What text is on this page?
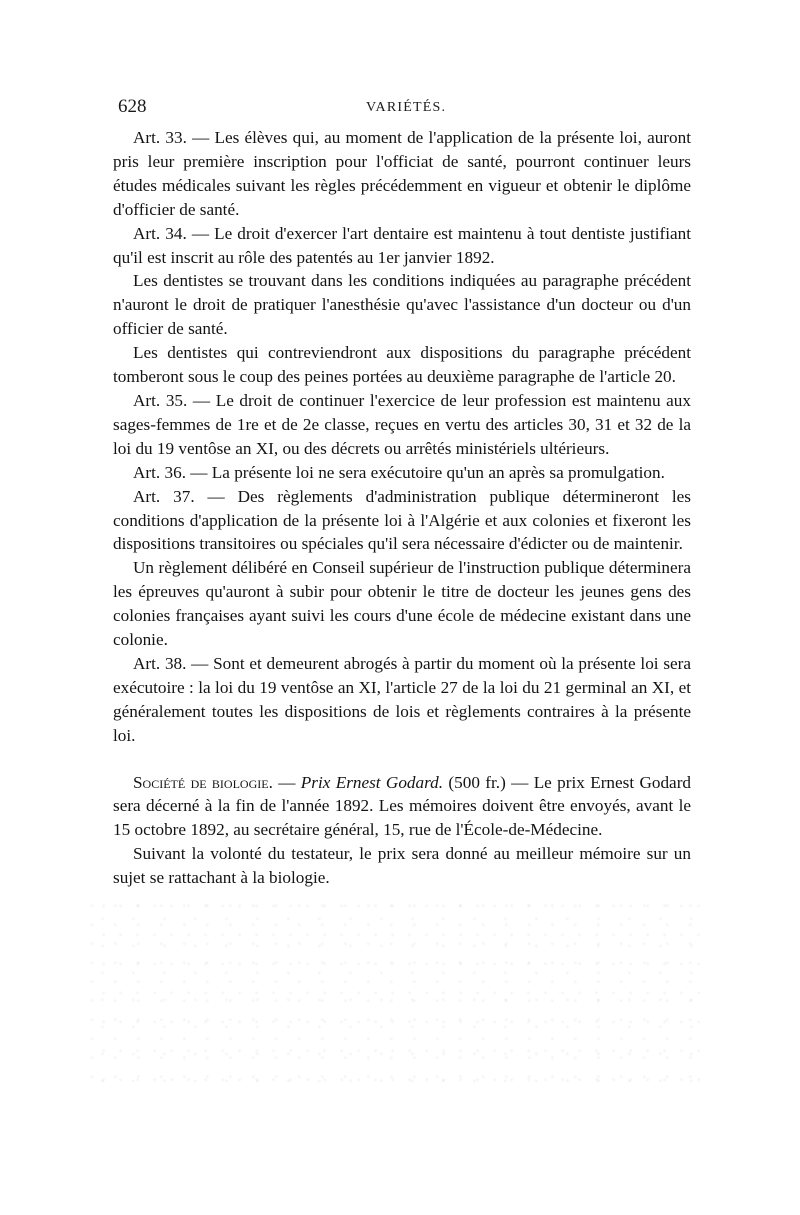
628	VARIÉTÉS.

Art. 33. — Les élèves qui, au moment de l'application de la présente loi, auront pris leur première inscription pour l'officiat de santé, pourront continuer leurs études médicales suivant les règles précédemment en vigueur et obtenir le diplôme d'officier de santé.

Art. 34. — Le droit d'exercer l'art dentaire est maintenu à tout dentiste justifiant qu'il est inscrit au rôle des patentés au 1er janvier 1892.

Les dentistes se trouvant dans les conditions indiquées au paragraphe précédent n'auront le droit de pratiquer l'anesthésie qu'avec l'assistance d'un docteur ou d'un officier de santé.

Les dentistes qui contreviendront aux dispositions du paragraphe précédent tomberont sous le coup des peines portées au deuxième paragraphe de l'article 20.

Art. 35. — Le droit de continuer l'exercice de leur profession est maintenu aux sages-femmes de 1re et de 2e classe, reçues en vertu des articles 30, 31 et 32 de la loi du 19 ventôse an XI, ou des décrets ou arrêtés ministériels ultérieurs.

Art. 36. — La présente loi ne sera exécutoire qu'un an après sa promulgation.

Art. 37. — Des règlements d'administration publique détermineront les conditions d'application de la présente loi à l'Algérie et aux colonies et fixeront les dispositions transitoires ou spéciales qu'il sera nécessaire d'édicter ou de maintenir.

Un règlement délibéré en Conseil supérieur de l'instruction publique déterminera les épreuves qu'auront à subir pour obtenir le titre de docteur les jeunes gens des colonies françaises ayant suivi les cours d'une école de médecine existant dans une colonie.

Art. 38. — Sont et demeurent abrogés à partir du moment où la présente loi sera exécutoire : la loi du 19 ventôse an XI, l'article 27 de la loi du 21 germinal an XI, et généralement toutes les dispositions de lois et règlements contraires à la présente loi.

Société de biologie. — Prix Ernest Godard. (500 fr.) — Le prix Ernest Godard sera décerné à la fin de l'année 1892. Les mémoires doivent être envoyés, avant le 15 octobre 1892, au secrétaire général, 15, rue de l'École-de-Médecine.

Suivant la volonté du testateur, le prix sera donné au meilleur mémoire sur un sujet se rattachant à la biologie.
